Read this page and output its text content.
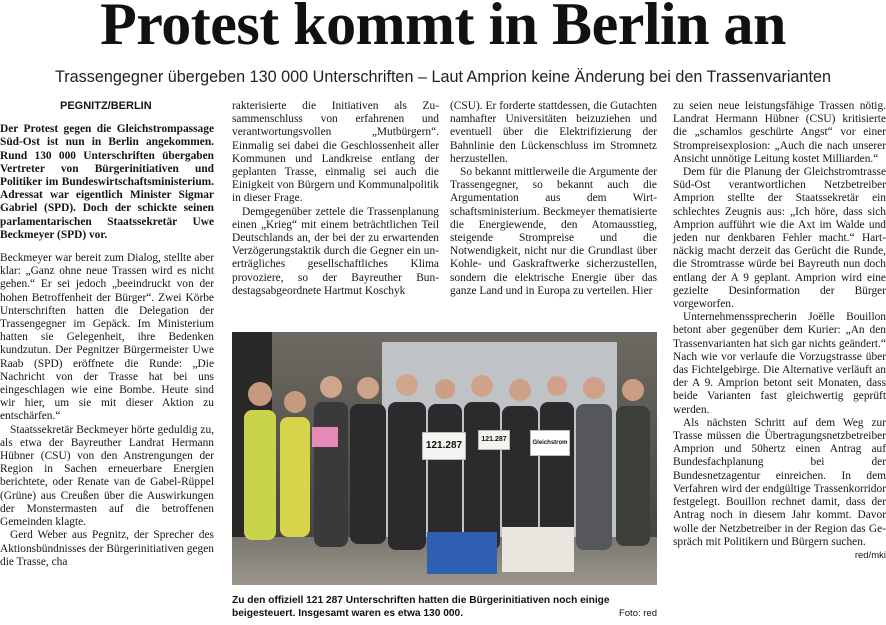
Protest kommt in Berlin an
Trassengegner übergeben 130 000 Unterschriften – Laut Amprion keine Änderung bei den Trassenvarianten
PEGNITZ/BERLIN

Der Protest gegen die Gleichstrompassage Süd-Ost ist nun in Berlin angekommen. Rund 130 000 Unterschriften übergaben Vertreter von Bürgerinitiativen und Politiker im Bundeswirtschaftsministerium. Adressat war eigentlich Minister Sigmar Gabriel (SPD). Doch der schickte seinen parlamentarischen Staatssekretär Uwe Beckmeyer (SPD) vor.

Beckmeyer war bereit zum Dialog, stellte aber klar: „Ganz ohne neue Trassen wird es nicht gehen.“ Er sei jedoch „beeindruckt von der hohen Betroffenheit der Bürger“. Zwei Körbe Unterschriften hatten die Delegation der Trassengegner im Gepäck. Im Ministerium hatten sie Gelegenheit, ihre Bedenken kundzutun. Der Pegnitzer Bürgermeister Uwe Raab (SPD) eröffnete die Runde: „Die Nachricht von der Trasse hat bei uns eingeschlagen wie eine Bombe. Heute sind wir hier, um sie mit dieser Aktion zu entschärfen.“

Staatssekretär Beckmeyer hörte geduldig zu, als etwa der Bayreuther Landrat Hermann Hübner (CSU) von den Anstrengungen der Region in Sachen erneuerbare Energien berichtete, oder Renate van de Gabel-Rüppel (Grüne) aus Creußen über die Auswirkungen der Monstermasten auf die betroffenen Gemeinden klagte.

Gerd Weber aus Pegnitz, der Sprecher des Aktionsbündnisses der Bürgerinitiativen gegen die Trasse, cha

rakterisierte die Initiativen als Zusammenschluss von erfahrenen und verantwortungsvollen „Mutbürgern“. Einmalig sei dabei die Geschlossenheit aller Kommunen und Landkreise entlang der geplanten Trasse, einmalig sei auch die Einigkeit von Bürgern und Kommunalpolitik in dieser Frage.

Demgegenüber zettele die Trassenplanung einen „Krieg“ mit einem beträchtlichen Teil Deutschlands an, der bei der zu erwartenden Verzögerungstaktik durch die Gegner ein unerträgliches gesellschaftliches Klima provoziere, so der Bayreuther Bundestagsabgeordnete Hartmut Koschyk

(CSU). Er forderte stattdessen, die Gutachten namhafter Universitäten beizuziehen und eventuell über die Elektrifizierung der Bahnlinie den Lückenschluss im Stromnetz herzustellen.

So bekannt mittlerweile die Argumente der Trassengegner, so bekannt auch die Argumentation aus dem Wirtschaftsministerium. Beckmeyer thematisierte die Energiewende, den Atomausstieg, steigende Strompreise und die Notwendigkeit, nicht nur die Grundlast über Kohle- und Gaskraftwerke sicherzustellen, sondern die elektrische Energie über das ganze Land und in Europa zu verteilen. Hier

zu seien neue leistungsfähige Trassen nötig. Landrat Hermann Hübner (CSU) kritisierte die „schamlos geschürte Angst“ vor einer Strompreisexplosion: „Auch die nach unserer Ansicht unnötige Leitung kostet Milliarden.“

Dem für die Planung der Gleichstromtrasse Süd-Ost verantwortlichen Netzbetreiber Amprion stellte der Staatssekretär ein schlechtes Zeugnis aus: „Ich höre, dass sich Amprion aufführt wie die Axt im Walde und jeden nur denkbaren Fehler macht.“ Hartnäckig macht derzeit das Gerücht die Runde, die Stromtrasse würde bei Bayreuth nun doch entlang der A 9 geplant. Amprion wird eine gezielte Desinformation der Bürger vorgeworfen.

Unternehmenssprecherin Joëlle Bouillon betont aber gegenüber dem Kurier: „An den Trassenvarianten hat sich gar nichts geändert.“ Nach wie vor verlaufe die Vorzugstrasse über das Fichtelgebirge. Die Alternative verläuft an der A 9. Amprion betont seit Monaten, dass beide Varianten fast gleichwertig geprüft werden.

Als nächsten Schritt auf dem Weg zur Trasse müssen die Übertragungsnetzbetreiber Amprion und 50hertz einen Antrag auf Bundesfachplanung bei der Bundesnetzagentur einreichen. In dem Verfahren wird der endgültige Trassenkorridor festgelegt. Bouillon rechnet damit, dass der Antrag noch in diesem Jahr kommt. Davor wolle der Netzbetreiber in der Region das Gespräch mit Politikern und Bürgern suchen.

red/mki
121.287
121.287	Gleichstrom
Zu den offiziell 121 287 Unterschriften hatten die Bürgerinitiativen noch einige beigesteuert. Insgesamt waren es etwa 130 000.	Foto: red
